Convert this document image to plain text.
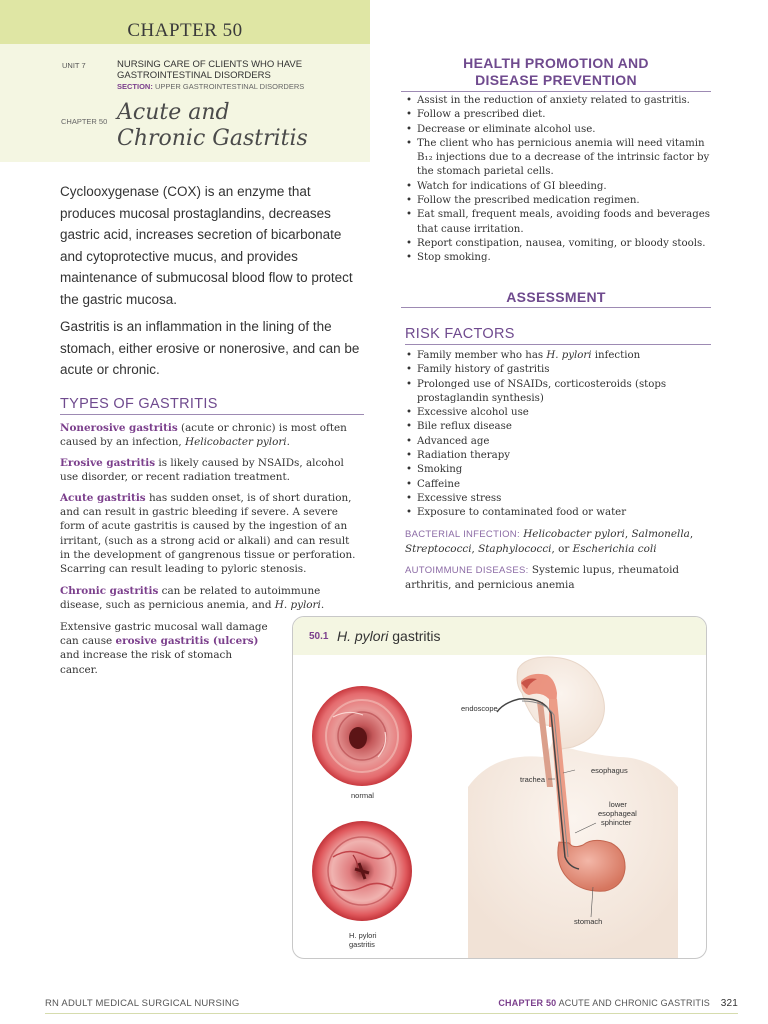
CHAPTER 50
UNIT 7	NURSING CARE OF CLIENTS WHO HAVE GASTROINTESTINAL DISORDERS
SECTION: UPPER GASTROINTESTINAL DISORDERS
CHAPTER 50 Acute and
Chronic Gastritis

Cyclooxygenase (COX) is an enzyme that produces mucosal prostaglandins, decreases gastric acid, increases secretion of bicarbonate and cytoprotective mucus, and provides maintenance of submucosal blood flow to protect the gastric mucosa.

Gastritis is an inflammation in the lining of the stomach, either erosive or nonerosive, and can be acute or chronic.

TYPES OF GASTRITIS

Nonerosive gastritis (acute or chronic) is most often caused by an infection, Helicobacter pylori.

Erosive gastritis is likely caused by NSAIDs, alcohol use disorder, or recent radiation treatment.

Acute gastritis has sudden onset, is of short duration, and can result in gastric bleeding if severe. A severe form of acute gastritis is caused by the ingestion of an irritant, (such as a strong acid or alkali) and can result in the development of gangrenous tissue or perforation. Scarring can result leading to pyloric stenosis.

Chronic gastritis can be related to autoimmune disease, such as pernicious anemia, and H. pylori.

Extensive gastric mucosal wall damage can cause erosive gastritis (ulcers) and increase the risk of stomach cancer.

HEALTH PROMOTION AND
DISEASE PREVENTION
• Assist in the reduction of anxiety related to gastritis.
• Follow a prescribed diet.
• Decrease or eliminate alcohol use.
• The client who has pernicious anemia will need vitamin B₁₂ injections due to a decrease of the intrinsic factor by the stomach parietal cells.
• Watch for indications of GI bleeding.
• Follow the prescribed medication regimen.
• Eat small, frequent meals, avoiding foods and beverages that cause irritation.
• Report constipation, nausea, vomiting, or bloody stools.
• Stop smoking.
ASSESSMENT
RISK FACTORS
• Family member who has H. pylori infection
• Family history of gastritis
• Prolonged use of NSAIDs, corticosteroids (stops prostaglandin synthesis)
• Excessive alcohol use
• Bile reflux disease
• Advanced age
• Radiation therapy
• Smoking
• Caffeine
• Excessive stress
• Exposure to contaminated food or water

BACTERIAL INFECTION: Helicobacter pylori, Salmonella, Streptococci, Staphylococci, or Escherichia coli

AUTOIMMUNE DISEASES: Systemic lupus, rheumatoid arthritis, and pernicious anemia

50.1 H. pylori gastritis
normal
H. pylori
gastritis
endoscope
esophagus
trachea
lower
esophageal
sphincter
stomach
RN ADULT MEDICAL SURGICAL NURSING	CHAPTER 50 ACUTE AND CHRONIC GASTRITIS 321
